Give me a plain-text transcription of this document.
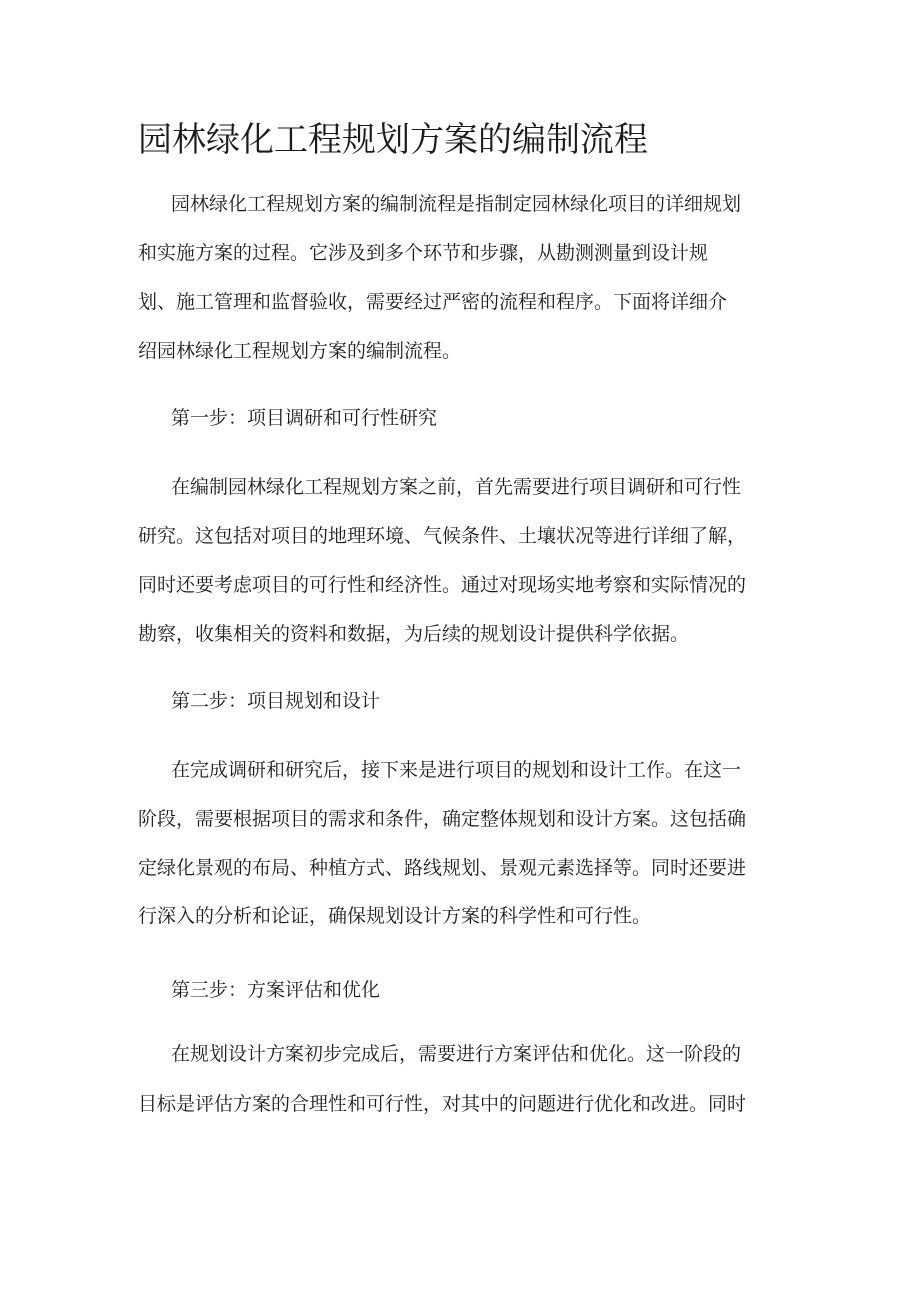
园林绿化工程规划方案的编制流程

园林绿化工程规划方案的编制流程是指制定园林绿化项目的详细规划

和实施方案的过程。它涉及到多个环节和步骤，从勘测测量到设计规

划、施工管理和监督验收，需要经过严密的流程和程序。下面将详细介

绍园林绿化工程规划方案的编制流程。

第一步：项目调研和可行性研究

在编制园林绿化工程规划方案之前，首先需要进行项目调研和可行性

研究。这包括对项目的地理环境、气候条件、土壤状况等进行详细了解，

同时还要考虑项目的可行性和经济性。通过对现场实地考察和实际情况的

勘察，收集相关的资料和数据，为后续的规划设计提供科学依据。

第二步：项目规划和设计

在完成调研和研究后，接下来是进行项目的规划和设计工作。在这一

阶段，需要根据项目的需求和条件，确定整体规划和设计方案。这包括确

定绿化景观的布局、种植方式、路线规划、景观元素选择等。同时还要进

行深入的分析和论证，确保规划设计方案的科学性和可行性。

第三步：方案评估和优化

在规划设计方案初步完成后，需要进行方案评估和优化。这一阶段的

目标是评估方案的合理性和可行性，对其中的问题进行优化和改进。同时
